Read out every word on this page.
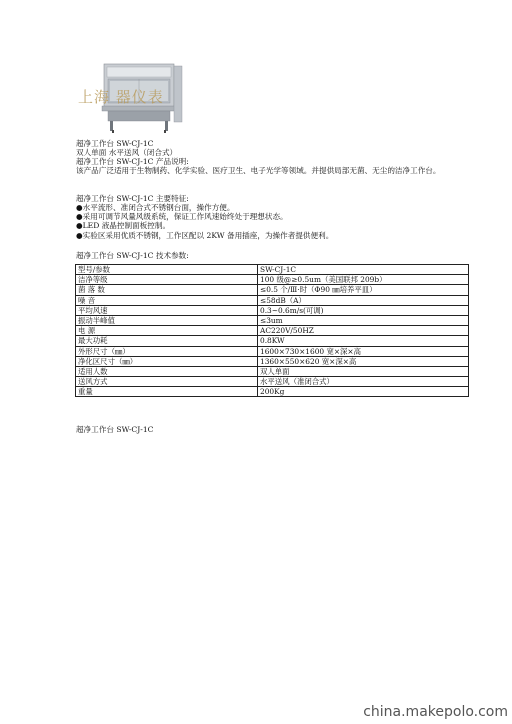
上海 器仪表
超净工作台 SW-CJ-1C
双人单面 水平送风（闭合式）
超净工作台 SW-CJ-1C 产品说明:
该产品广泛适用于生物制药、化学实验、医疗卫生、电子光学等领域。并提供局部无菌、无尘的洁净工作台。
超净工作台 SW-CJ-1C 主要特征:
●水平流形、准闭合式不锈钢台面，操作方便。
●采用可调节风量风级系统，保证工作风速始终处于理想状态。
●LED 液晶控制面板控制。
●实验区采用优质不锈钢，工作区配以 2KW 备用插座，为操作者提供便利。
超净工作台 SW-CJ-1C 技术参数:
型号/参数	SW-CJ-1C
洁净等级	100 级@≥0.5um（美国联邦 209b）
菌 落 数	≤0.5 个/Ⅲ·时（Φ90 ㎜培养平皿）
噪 音	≤58dB（A）
平均风速	0.3~0.6m/s(可调)
振动半峰值	≤3um
电 源	AC220V/50HZ
最大功耗	0.8KW
外形尺寸（㎜）	1600×730×1600 宽×深×高
净化区尺寸（㎜）	1360×550×620 宽×深×高
适用人数	双人单面
送风方式	水平送风（准闭合式）
重量	200Kg
超净工作台 SW-CJ-1C
china.makepolo.com
